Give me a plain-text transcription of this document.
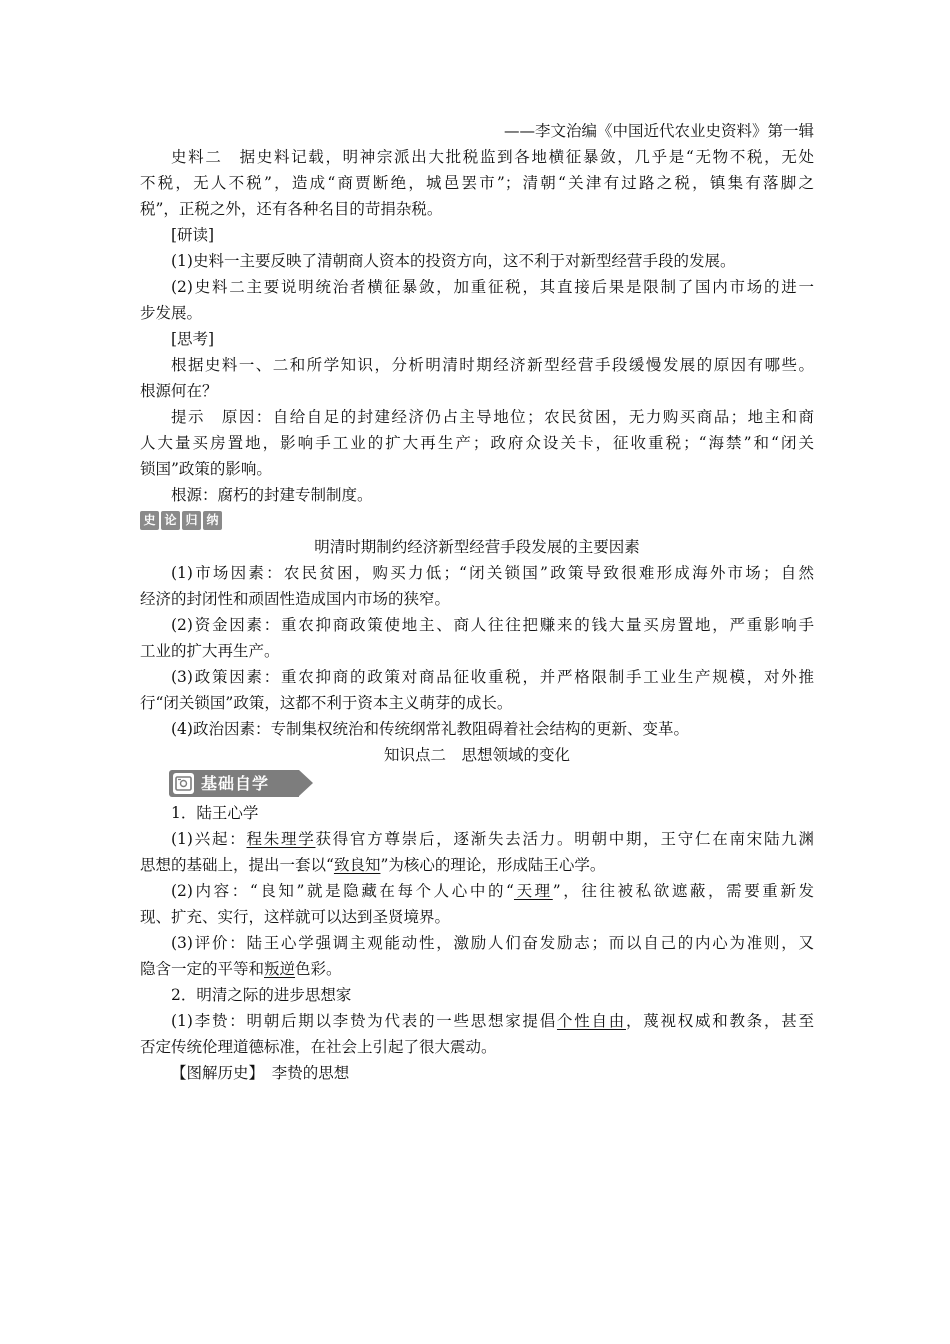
——李文治编《中国近代农业史资料》第一辑
史料二　据史料记载，明神宗派出大批税监到各地横征暴敛，几乎是“无物不税，无处
不税，无人不税”，造成“商贾断绝，城邑罢市”；清朝“关津有过路之税，镇集有落脚之
税”，正税之外，还有各种名目的苛捐杂税。
[研读]
(1)史料一主要反映了清朝商人资本的投资方向，这不利于对新型经营手段的发展。
(2)史料二主要说明统治者横征暴敛，加重征税，其直接后果是限制了国内市场的进一
步发展。
[思考]
根据史料一、二和所学知识，分析明清时期经济新型经营手段缓慢发展的原因有哪些。
根源何在？
提示　原因：自给自足的封建经济仍占主导地位；农民贫困，无力购买商品；地主和商
人大量买房置地，影响手工业的扩大再生产；政府众设关卡，征收重税；“海禁”和“闭关
锁国”政策的影响。
根源：腐朽的封建专制制度。
史 论 归 纳
明清时期制约经济新型经营手段发展的主要因素
(1)市场因素：农民贫困，购买力低；“闭关锁国”政策导致很难形成海外市场；自然
经济的封闭性和顽固性造成国内市场的狭窄。
(2)资金因素：重农抑商政策使地主、商人往往把赚来的钱大量买房置地，严重影响手
工业的扩大再生产。
(3)政策因素：重农抑商的政策对商品征收重税，并严格限制手工业生产规模，对外推
行“闭关锁国”政策，这都不利于资本主义萌芽的成长。
(4)政治因素：专制集权统治和传统纲常礼教阻碍着社会结构的更新、变革。
知识点二　思想领域的变化
基础自学
1．陆王心学
(1)兴起：程朱理学获得官方尊崇后，逐渐失去活力。明朝中期，王守仁在南宋陆九渊
思想的基础上，提出一套以“致良知”为核心的理论，形成陆王心学。
(2)内容：“良知”就是隐藏在每个人心中的“天理”，往往被私欲遮蔽，需要重新发
现、扩充、实行，这样就可以达到圣贤境界。
(3)评价：陆王心学强调主观能动性，激励人们奋发励志；而以自己的内心为准则，又
隐含一定的平等和叛逆色彩。
2．明清之际的进步思想家
(1)李贽：明朝后期以李贽为代表的一些思想家提倡个性自由，蔑视权威和教条，甚至
否定传统伦理道德标准，在社会上引起了很大震动。
【图解历史】　李贽的思想
